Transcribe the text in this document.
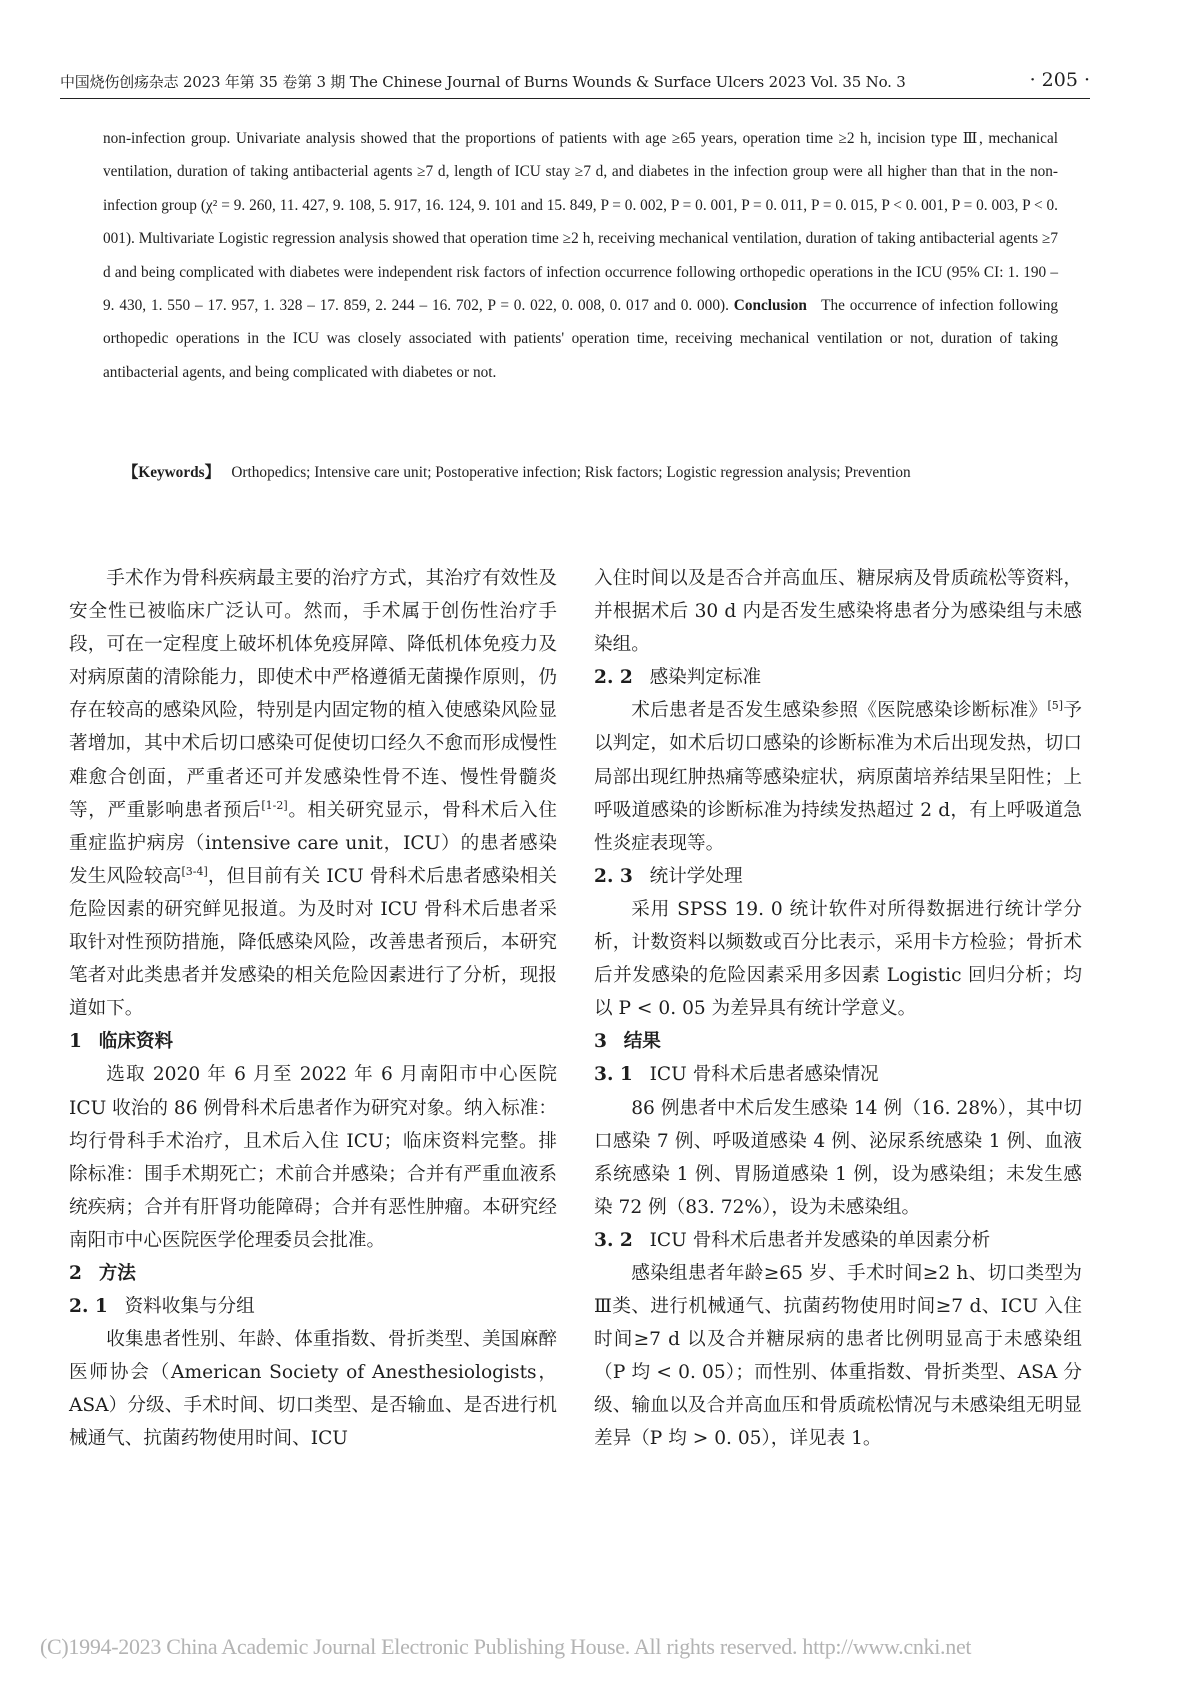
中国烧伤创疡杂志 2023 年第 35 卷第 3 期 The Chinese Journal of Burns Wounds & Surface Ulcers 2023 Vol. 35 No. 3	· 205 ·
non-infection group. Univariate analysis showed that the proportions of patients with age ≥65 years, operation time ≥2 h, incision type Ⅲ, mechanical ventilation, duration of taking antibacterial agents ≥7 d, length of ICU stay ≥7 d, and diabetes in the infection group were all higher than that in the non-infection group (χ² = 9. 260, 11. 427, 9. 108, 5. 917, 16. 124, 9. 101 and 15. 849, P = 0. 002, P = 0. 001, P = 0. 011, P = 0. 015, P < 0. 001, P = 0. 003, P < 0. 001). Multivariate Logistic regression analysis showed that operation time ≥2 h, receiving mechanical ventilation, duration of taking antibacterial agents ≥7 d and being complicated with diabetes were independent risk factors of infection occurrence following orthopedic operations in the ICU (95% CI: 1. 190 – 9. 430, 1. 550 – 17. 957, 1. 328 – 17. 859, 2. 244 – 16. 702, P = 0. 022, 0. 008, 0. 017 and 0. 000). Conclusion The occurrence of infection following orthopedic operations in the ICU was closely associated with patients' operation time, receiving mechanical ventilation or not, duration of taking antibacterial agents, and being complicated with diabetes or not.
【Keywords】 Orthopedics; Intensive care unit; Postoperative infection; Risk factors; Logistic regression analysis; Prevention

手术作为骨科疾病最主要的治疗方式，其治疗有效性及安全性已被临床广泛认可。然而，手术属于创伤性治疗手段，可在一定程度上破坏机体免疫屏障、降低机体免疫力及对病原菌的清除能力，即使术中严格遵循无菌操作原则，仍存在较高的感染风险，特别是内固定物的植入使感染风险显著增加，其中术后切口感染可促使切口经久不愈而形成慢性难愈合创面，严重者还可并发感染性骨不连、慢性骨髓炎等，严重影响患者预后[1-2]。相关研究显示，骨科术后入住重症监护病房（intensive care unit，ICU）的患者感染发生风险较高[3-4]，但目前有关 ICU 骨科术后患者感染相关危险因素的研究鲜见报道。为及时对 ICU 骨科术后患者采取针对性预防措施，降低感染风险，改善患者预后，本研究笔者对此类患者并发感染的相关危险因素进行了分析，现报道如下。

1 临床资料

选取 2020 年 6 月至 2022 年 6 月南阳市中心医院 ICU 收治的 86 例骨科术后患者作为研究对象。纳入标准：均行骨科手术治疗，且术后入住 ICU；临床资料完整。排除标准：围手术期死亡；术前合并感染；合并有严重血液系统疾病；合并有肝肾功能障碍；合并有恶性肿瘤。本研究经南阳市中心医院医学伦理委员会批准。

2 方法
2. 1 资料收集与分组

收集患者性别、年龄、体重指数、骨折类型、美国麻醉医师协会（American Society of Anesthesiologists，ASA）分级、手术时间、切口类型、是否输血、是否进行机械通气、抗菌药物使用时间、ICU

入住时间以及是否合并高血压、糖尿病及骨质疏松等资料，并根据术后 30 d 内是否发生感染将患者分为感染组与未感染组。

2. 2 感染判定标准

术后患者是否发生感染参照《医院感染诊断标准》[5]予以判定，如术后切口感染的诊断标准为术后出现发热，切口局部出现红肿热痛等感染症状，病原菌培养结果呈阳性；上呼吸道感染的诊断标准为持续发热超过 2 d，有上呼吸道急性炎症表现等。

2. 3 统计学处理

采用 SPSS 19. 0 统计软件对所得数据进行统计学分析，计数资料以频数或百分比表示，采用卡方检验；骨折术后并发感染的危险因素采用多因素 Logistic 回归分析；均以 P < 0. 05 为差异具有统计学意义。

3 结果
3. 1 ICU 骨科术后患者感染情况

86 例患者中术后发生感染 14 例（16. 28%），其中切口感染 7 例、呼吸道感染 4 例、泌尿系统感染 1 例、血液系统感染 1 例、胃肠道感染 1 例，设为感染组；未发生感染 72 例（83. 72%），设为未感染组。

3. 2 ICU 骨科术后患者并发感染的单因素分析

感染组患者年龄≥65 岁、手术时间≥2 h、切口类型为Ⅲ类、进行机械通气、抗菌药物使用时间≥7 d、ICU 入住时间≥7 d 以及合并糖尿病的患者比例明显高于未感染组（P 均 < 0. 05）；而性别、体重指数、骨折类型、ASA 分级、输血以及合并高血压和骨质疏松情况与未感染组无明显差异（P 均 > 0. 05），详见表 1。

(C)1994-2023 China Academic Journal Electronic Publishing House. All rights reserved. http://www.cnki.net
